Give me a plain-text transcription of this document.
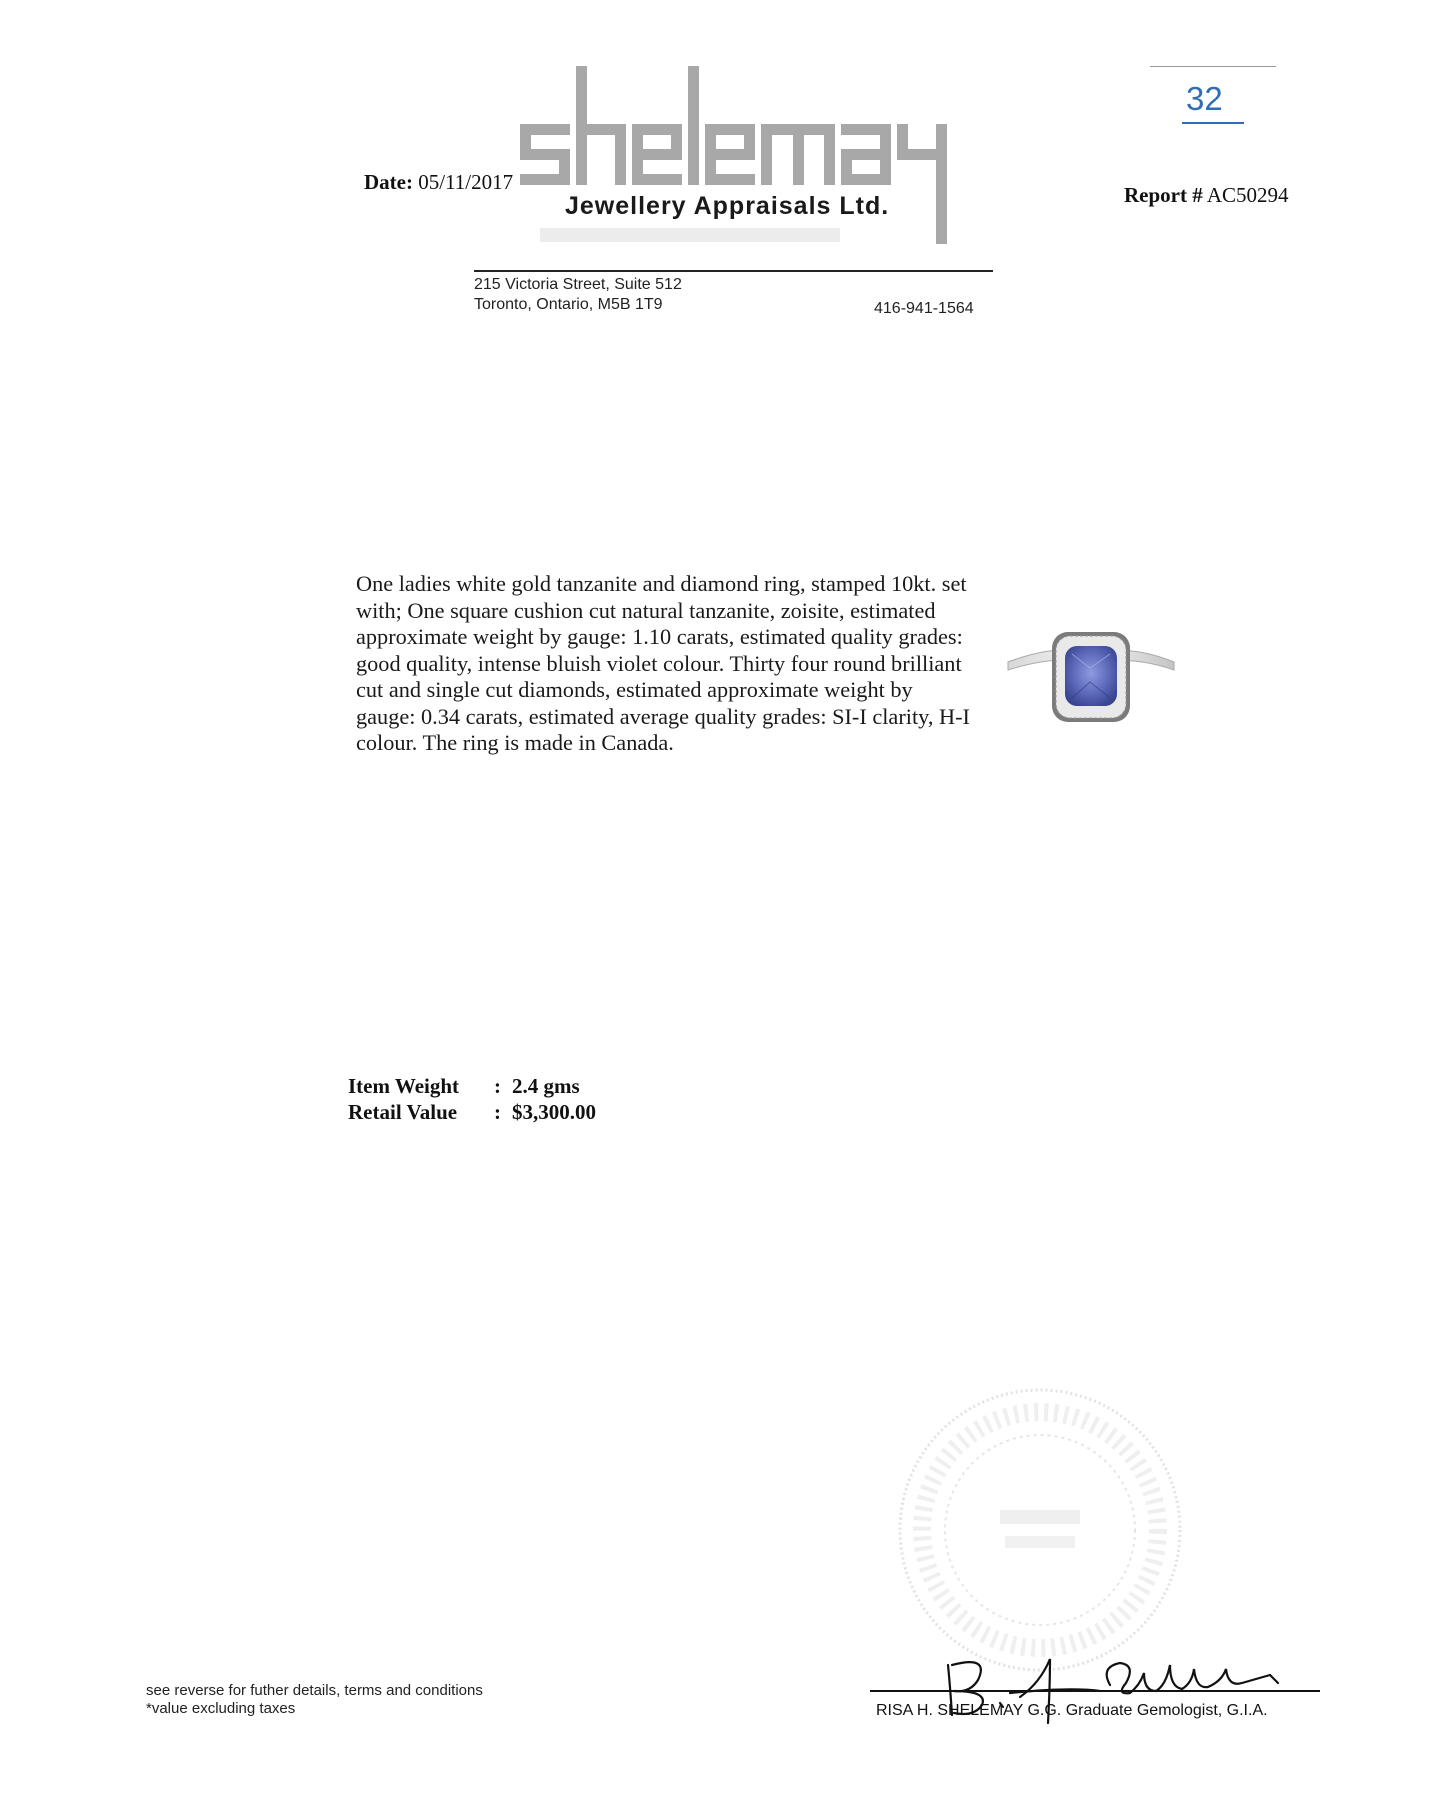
32
Jewellery Appraisals Ltd.
Date: 05/11/2017
Report # AC50294
215 Victoria Street, Suite 512
Toronto, Ontario, M5B 1T9	416-941-1564
One ladies white gold tanzanite and diamond ring, stamped 10kt. set with; One square cushion cut natural tanzanite, zoisite, estimated approximate weight by gauge: 1.10 carats, estimated quality grades: good quality, intense bluish violet colour. Thirty four round brilliant cut and single cut diamonds, estimated approximate weight by gauge: 0.34 carats, estimated average quality grades: SI-I clarity, H-I colour. The ring is made in Canada.
Item Weight : 2.4 gms
Retail Value : $3,300.00
see reverse for futher details, terms and conditions
*value excluding taxes	RISA H. SHELEMAY G.G. Graduate Gemologist, G.I.A.
